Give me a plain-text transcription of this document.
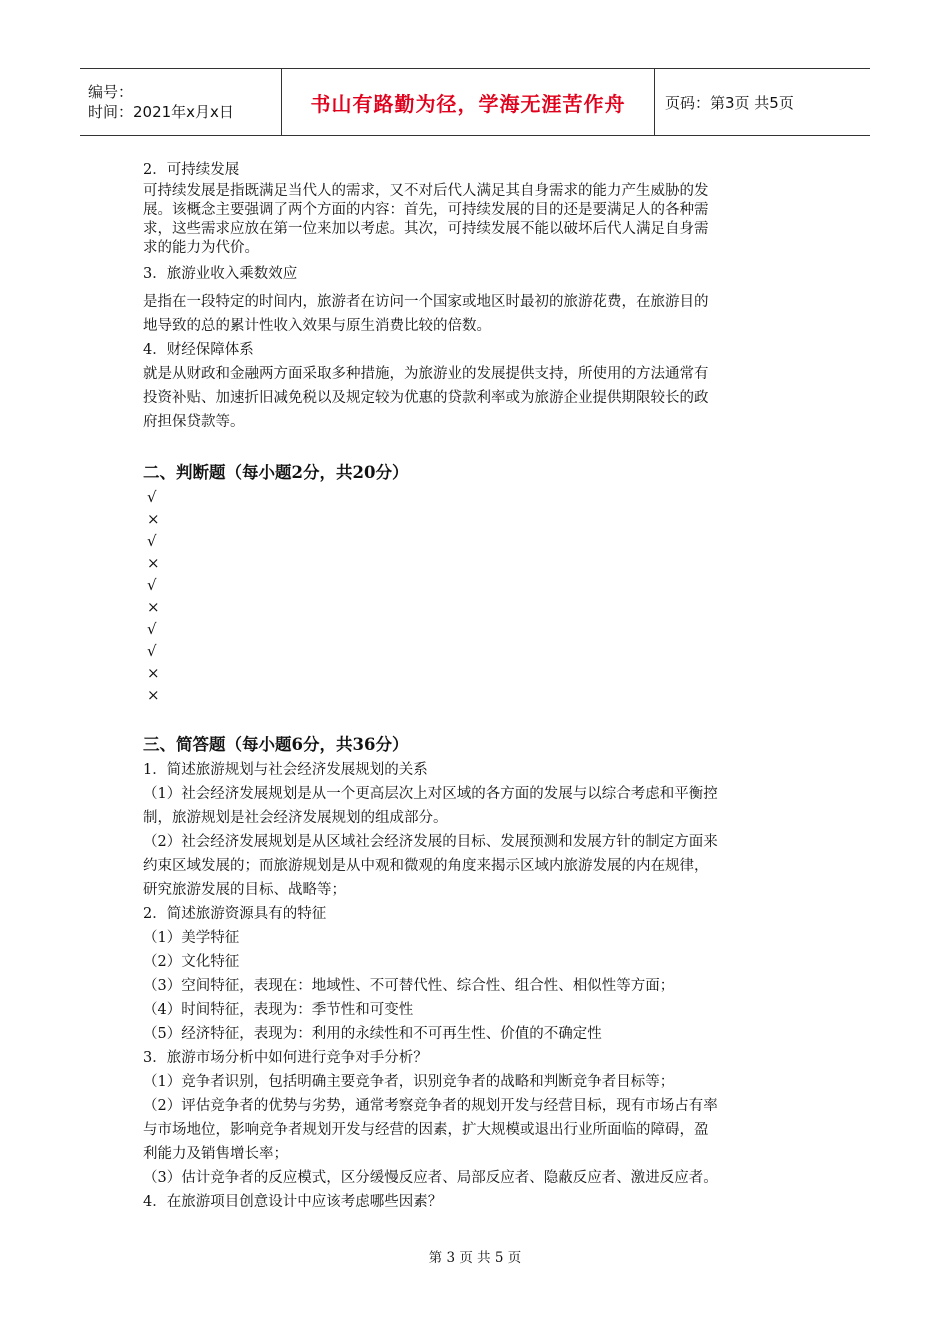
编号：
时间：2021年x月x日	书山有路勤为径，学海无涯苦作舟	页码：第3页 共5页

2．可持续发展

可持续发展是指既满足当代人的需求，又不对后代人满足其自身需求的能力产生威胁的发

展。该概念主要强调了两个方面的内容：首先，可持续发展的目的还是要满足人的各种需

求，这些需求应放在第一位来加以考虑。其次，可持续发展不能以破坏后代人满足自身需

求的能力为代价。

3．旅游业收入乘数效应

是指在一段特定的时间内，旅游者在访问一个国家或地区时最初的旅游花费，在旅游目的

地导致的总的累计性收入效果与原生消费比较的倍数。

4．财经保障体系

就是从财政和金融两方面采取多种措施，为旅游业的发展提供支持，所使用的方法通常有

投资补贴、加速折旧减免税以及规定较为优惠的贷款利率或为旅游企业提供期限较长的政

府担保贷款等。

二、判断题（每小题2分，共20分）

√

×

√

×

√

×

√

√

×

×

三、简答题（每小题6分，共36分）

1．简述旅游规划与社会经济发展规划的关系

（1）社会经济发展规划是从一个更高层次上对区域的各方面的发展与以综合考虑和平衡控

制，旅游规划是社会经济发展规划的组成部分。

（2）社会经济发展规划是从区域社会经济发展的目标、发展预测和发展方针的制定方面来

约束区域发展的；而旅游规划是从中观和微观的角度来揭示区域内旅游发展的内在规律，

研究旅游发展的目标、战略等；

2．简述旅游资源具有的特征

（1）美学特征

（2）文化特征

（3）空间特征，表现在：地域性、不可替代性、综合性、组合性、相似性等方面；

（4）时间特征，表现为：季节性和可变性

（5）经济特征，表现为：利用的永续性和不可再生性、价值的不确定性

3．旅游市场分析中如何进行竞争对手分析？

（1）竞争者识别，包括明确主要竞争者，识别竞争者的战略和判断竞争者目标等；

（2）评估竞争者的优势与劣势，通常考察竞争者的规划开发与经营目标，现有市场占有率

与市场地位，影响竞争者规划开发与经营的因素，扩大规模或退出行业所面临的障碍，盈

利能力及销售增长率；

（3）估计竞争者的反应模式，区分缓慢反应者、局部反应者、隐蔽反应者、激进反应者。

4．在旅游项目创意设计中应该考虑哪些因素？

第 3 页 共 5 页
